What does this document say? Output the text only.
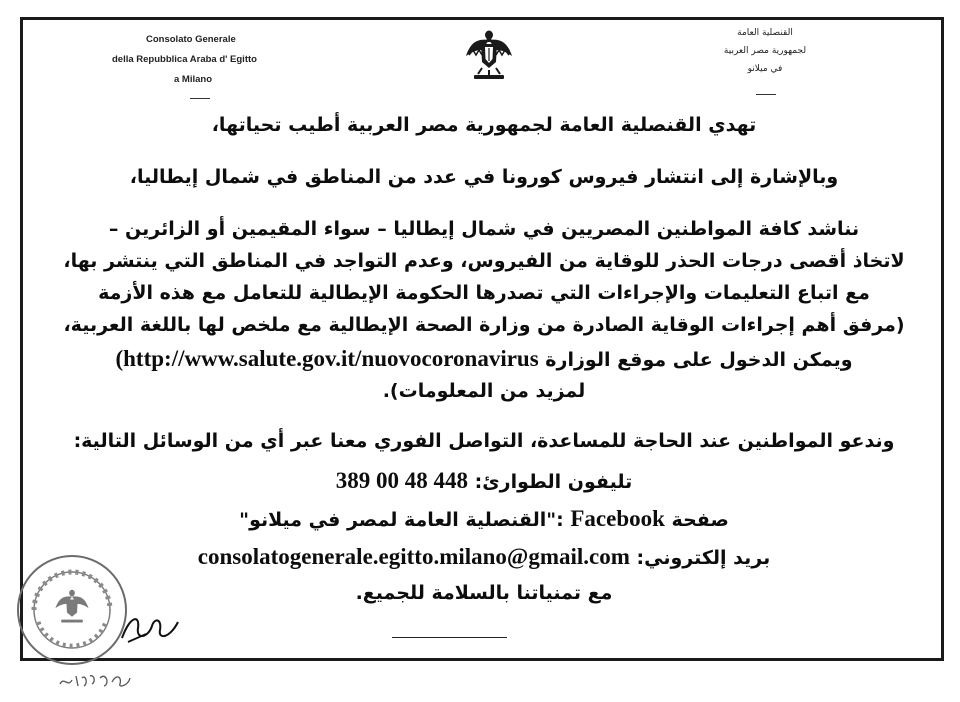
Consolato Generale
della Repubblica Araba d' Egitto
a Milano
القنصلية العامة
لجمهورية مصر العربية
في ميلانو
تهدي القنصلية العامة لجمهورية مصر العربية أطيب تحياتها،
وبالإشارة إلى انتشار فيروس كورونا في عدد من المناطق في شمال إيطاليا،
نناشد كافة المواطنين المصريين في شمال إيطاليا – سواء المقيمين أو الزائرين –
لاتخاذ أقصى درجات الحذر للوقاية من الفيروس، وعدم التواجد في المناطق التي ينتشر بها،
مع اتباع التعليمات والإجراءات التي تصدرها الحكومة الإيطالية للتعامل مع هذه الأزمة
(مرفق أهم إجراءات الوقاية الصادرة من وزارة الصحة الإيطالية مع ملخص لها باللغة العربية،
ويمكن الدخول على موقع الوزارة (http://www.salute.gov.it/nuovocoronavirus
لمزيد من المعلومات).
وندعو المواطنين عند الحاجة للمساعدة، التواصل الفوري معنا عبر أي من الوسائل التالية:
تليفون الطوارئ: 389 00 48 448
صفحة Facebook :"القنصلية العامة لمصر في ميلانو"
بريد إلكتروني: consolatogenerale.egitto.milano@gmail.com
مع تمنياتنا بالسلامة للجميع.
